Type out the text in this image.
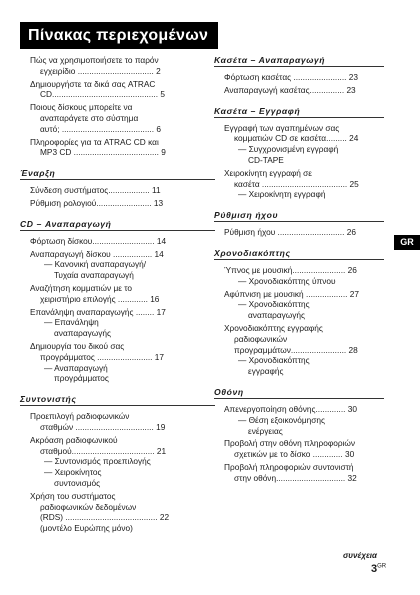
Πίνακας περιεχομένων
Πώς να χρησιμοποιήσετε το παρόν
εγχειρίδιο ................................. 2
Δημιουργήστε τα δικά σας ATRAC
CD.............................................. 5
Ποιους δίσκους μπορείτε να
αναπαράγετε στο σύστημα
αυτό; ........................................ 6
Πληροφορίες για τα ATRAC CD και
MP3 CD ..................................... 9
Έναρξη
Σύνδεση συστήματος.................. 11
Ρύθμιση ρολογιού........................ 13
CD – Αναπαραγωγή
Φόρτωση δίσκου........................... 14
Αναπαραγωγή δίσκου ................. 14
— Κανονική αναπαραγωγή/
Τυχαία αναπαραγωγή
Αναζήτηση κομματιών με το
χειριστήριο επιλογής ............. 16
Επανάληψη αναπαραγωγής ........ 17
— Επανάληψη
αναπαραγωγής
Δημιουργία του δικού σας
προγράμματος ........................ 17
— Αναπαραγωγή
προγράμματος
Συντονιστής
Προεπιλογή ραδιοφωνικών
σταθμών .................................. 19
Ακρόαση ραδιοφωνικού
σταθμού.................................... 21
— Συντονισμός προεπιλογής
— Χειροκίνητος
συντονισμός
Χρήση του συστήματος
ραδιοφωνικών δεδομένων
(RDS) ........................................ 22
(μοντέλο Ευρώπης μόνο)
Κασέτα – Αναπαραγωγή
Φόρτωση κασέτας ....................... 23
Αναπαραγωγή κασέτας............... 23
Κασέτα – Εγγραφή
Εγγραφή των αγαπημένων σας
κομματιών CD σε κασέτα......... 24
— Συγχρονισμένη εγγραφή
CD-TAPE
Χειροκίνητη εγγραφή σε
κασέτα ..................................... 25
— Χειροκίνητη εγγραφή
Ρύθμιση ήχου
Ρύθμιση ήχου ............................. 26
Χρονοδιακόπτης
Ύπνος με μουσική....................... 26
— Χρονοδιακόπτης ύπνου
Αφύπνιση με μουσική .................. 27
— Χρονοδιακόπτης
αναπαραγωγής
Χρονοδιακόπτης εγγραφής
ραδιοφωνικών
προγραμμάτων........................ 28
— Χρονοδιακόπτης
εγγραφής
Οθόνη
Απενεργοποίηση οθόνης............. 30
— Θέση εξοικονόμησης
ενέργειας
Προβολή στην οθόνη πληροφοριών
σχετικών με το δίσκο ............. 30
Προβολή πληροφοριών συντονιστή
στην οθόνη.............................. 32
GR
συνέχεια
$3^{GR}$
